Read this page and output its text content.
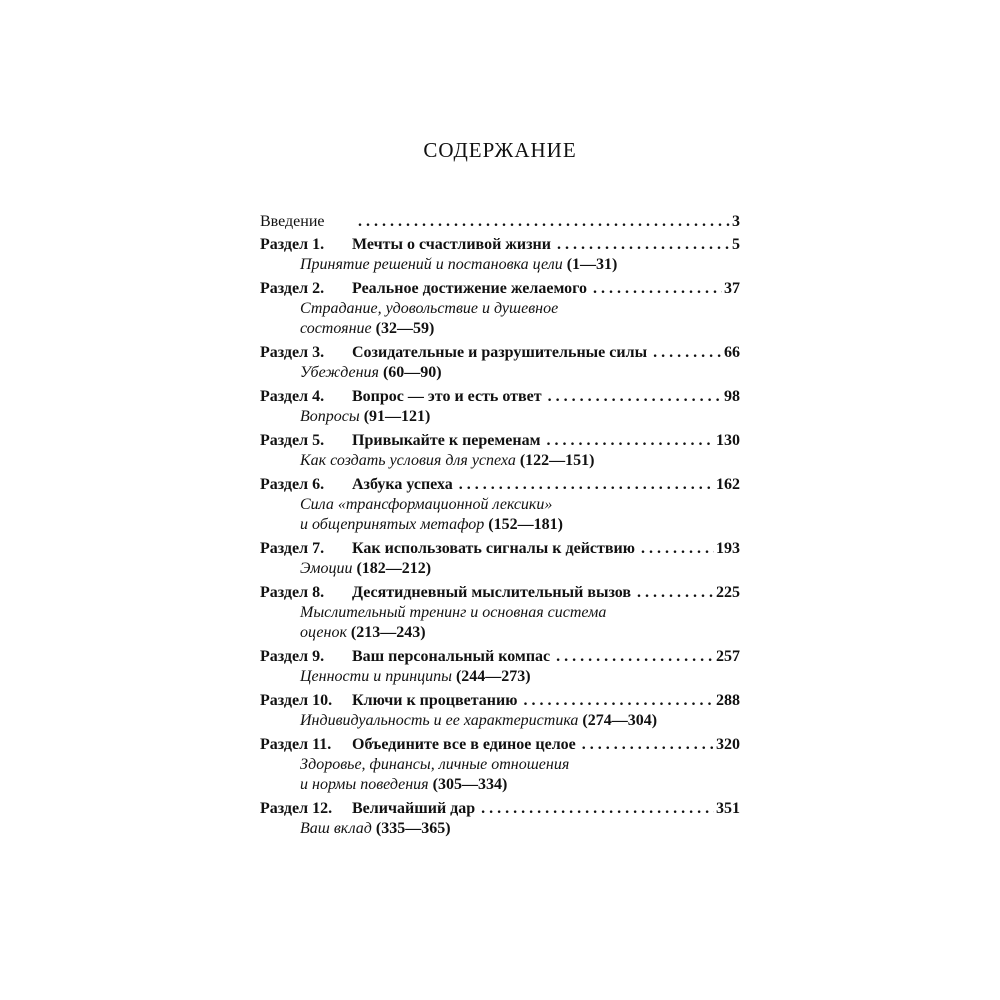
СОДЕРЖАНИЕ
Введение . . .	3
Раздел 1.	Мечты о счастливой жизни . . .	5
Принятие решений и постановка цели (1—31)
Раздел 2.	Реальное достижение желаемого . . .	37
Страдание, удовольствие и душевное
состояние (32—59)
Раздел 3.	Созидательные и разрушительные силы . . .	66
Убеждения (60—90)
Раздел 4.	Вопрос — это и есть ответ . . .	98
Вопросы (91—121)
Раздел 5.	Привыкайте к переменам . . .	130
Как создать условия для успеха (122—151)
Раздел 6.	Азбука успеха . . .	162
Сила «трансформационной лексики»
и общепринятых метафор (152—181)
Раздел 7.	Как использовать сигналы к действию . . .	193
Эмоции (182—212)
Раздел 8.	Десятидневный мыслительный вызов . . .	225
Мыслительный тренинг и основная система
оценок (213—243)
Раздел 9.	Ваш персональный компас . . .	257
Ценности и принципы (244—273)
Раздел 10.	Ключи к процветанию . . .	288
Индивидуальность и ее характеристика (274—304)
Раздел 11.	Объедините все в единое целое . . .	320
Здоровье, финансы, личные отношения
и нормы поведения (305—334)
Раздел 12.	Величайший дар . . .	351
Ваш вклад (335—365)
